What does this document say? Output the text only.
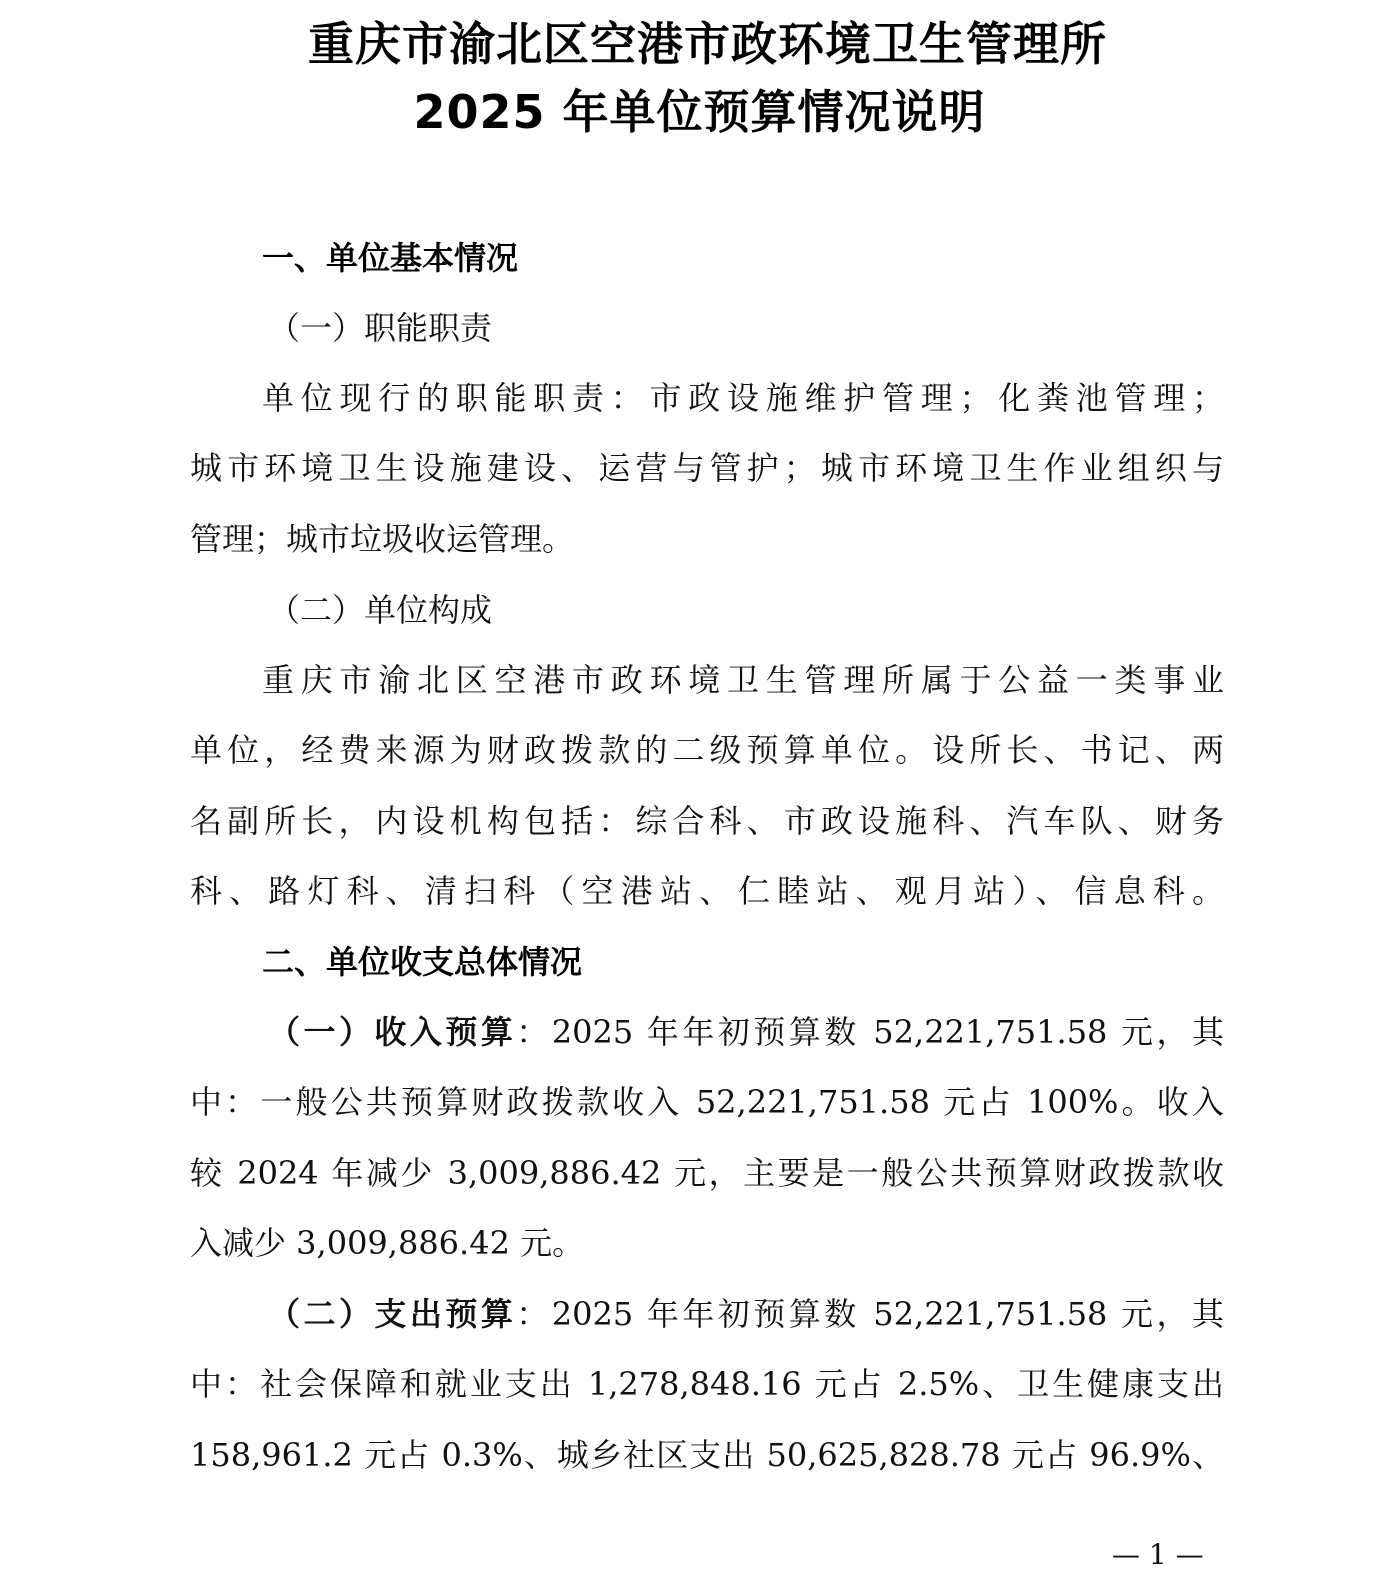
重庆市渝北区空港市政环境卫生管理所
2025 年单位预算情况说明
一、单位基本情况
（一）职能职责
单位现行的职能职责：市政设施维护管理；化粪池管理；
城市环境卫生设施建设、运营与管护；城市环境卫生作业组织与
管理；城市垃圾收运管理。
（二）单位构成
重庆市渝北区空港市政环境卫生管理所属于公益一类事业
单位，经费来源为财政拨款的二级预算单位。设所长、书记、两
名副所长，内设机构包括：综合科、市政设施科、汽车队、财务
科、路灯科、清扫科（空港站、仁睦站、观月站）、信息科。
二、单位收支总体情况
（一）收入预算：2025 年年初预算数 52,221,751.58 元，其
中：一般公共预算财政拨款收入 52,221,751.58 元占 100%。收入
较 2024 年减少 3,009,886.42 元，主要是一般公共预算财政拨款收
入减少 3,009,886.42 元。
（二）支出预算：2025 年年初预算数 52,221,751.58 元，其
中：社会保障和就业支出 1,278,848.16 元占 2.5%、卫生健康支出
158,961.2 元占 0.3%、城乡社区支出 50,625,828.78 元占 96.9%、
— 1 —
